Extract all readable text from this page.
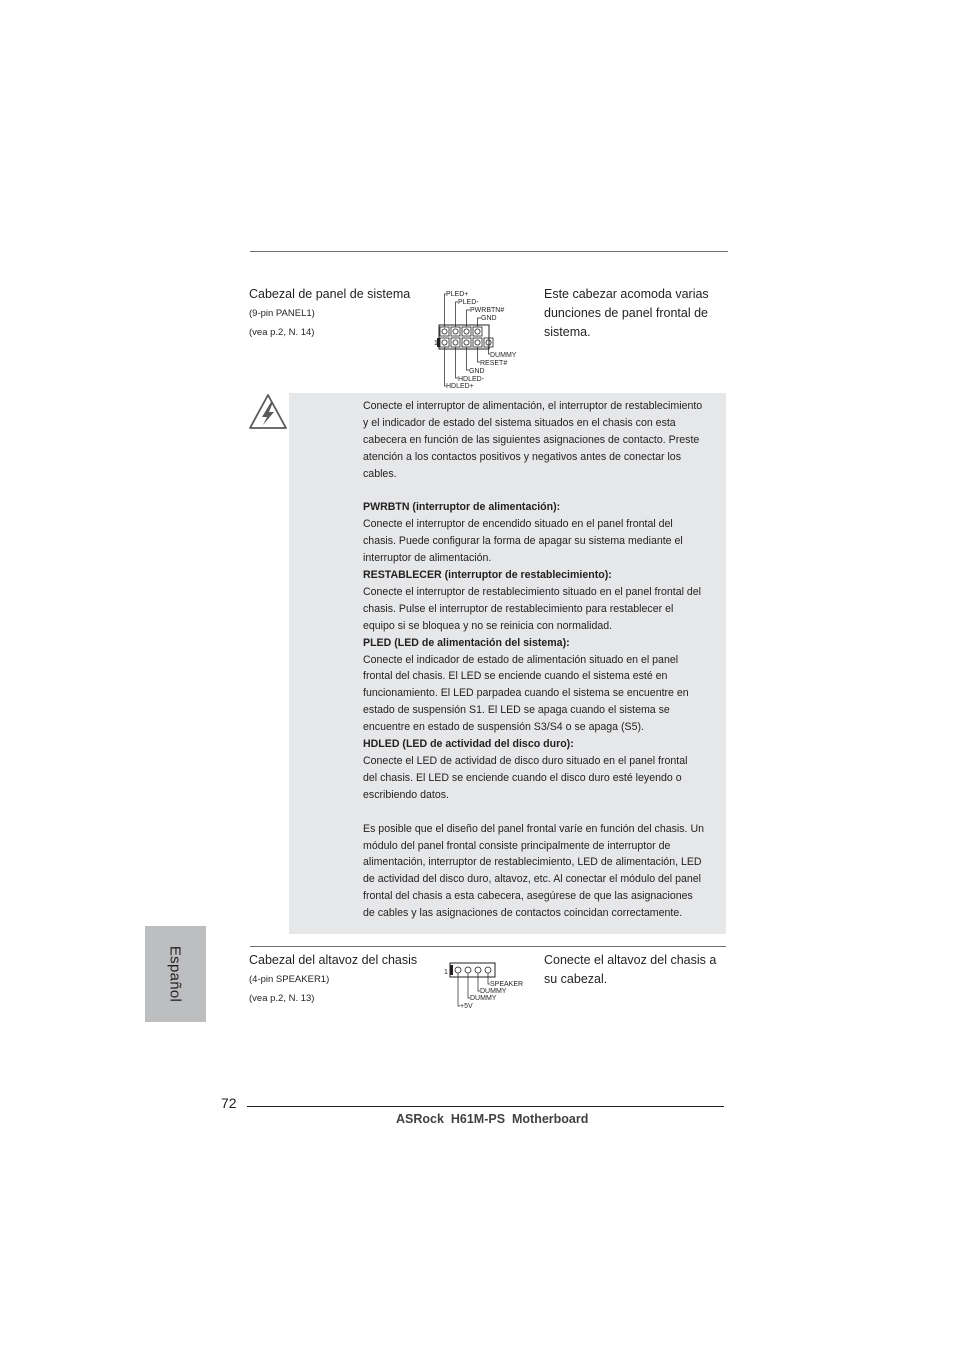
Cabezal de panel de sistema
(9-pin PANEL1)
(vea p.2, N. 14)
1
PLED+
PLED-
PWRBTN#
GND
DUMMY
RESET#
GND
HDLED-
HDLED+
Este cabezar acomoda varias
dunciones de panel frontal de
sistema.

Conecte el interruptor de alimentación, el interruptor de restablecimiento

y el indicador de estado del sistema situados en el chasis con esta

cabecera en función de las siguientes asignaciones de contacto. Preste

atención a los contactos positivos y negativos antes de conectar los

cables.

PWRBTN (interruptor de alimentación):

Conecte el interruptor de encendido situado en el panel frontal del

chasis. Puede configurar la forma de apagar su sistema mediante el

interruptor de alimentación.

RESTABLECER (interruptor de restablecimiento):

Conecte el interruptor de restablecimiento situado en el panel frontal del

chasis. Pulse el interruptor de restablecimiento para restablecer el

equipo si se bloquea y no se reinicia con normalidad.

PLED (LED de alimentación del sistema):

Conecte el indicador de estado de alimentación situado en el panel

frontal del chasis. El LED se enciende cuando el sistema esté en

funcionamiento. El LED parpadea cuando el sistema se encuentre en

estado de suspensión S1. El LED se apaga cuando el sistema se

encuentre en estado de suspensión S3/S4 o se apaga (S5).

HDLED (LED de actividad del disco duro):

Conecte el LED de actividad de disco duro situado en el panel frontal

del chasis. El LED se enciende cuando el disco duro esté leyendo o

escribiendo datos.

Es posible que el diseño del panel frontal varíe en función del chasis. Un

módulo del panel frontal consiste principalmente de interruptor de

alimentación, interruptor de restablecimiento, LED de alimentación, LED

de actividad del disco duro, altavoz, etc. Al conectar el módulo del panel

frontal del chasis a esta cabecera, asegúrese de que las asignaciones

de cables y las asignaciones de contactos coincidan correctamente.

Cabezal del altavoz del chasis
(4-pin SPEAKER1)
(vea p.2, N. 13)
1
SPEAKER
DUMMY
DUMMY
+5V
Conecte el altavoz del chasis a
su cabezal.
Español
72
ASRock  H61M-PS  Motherboard
